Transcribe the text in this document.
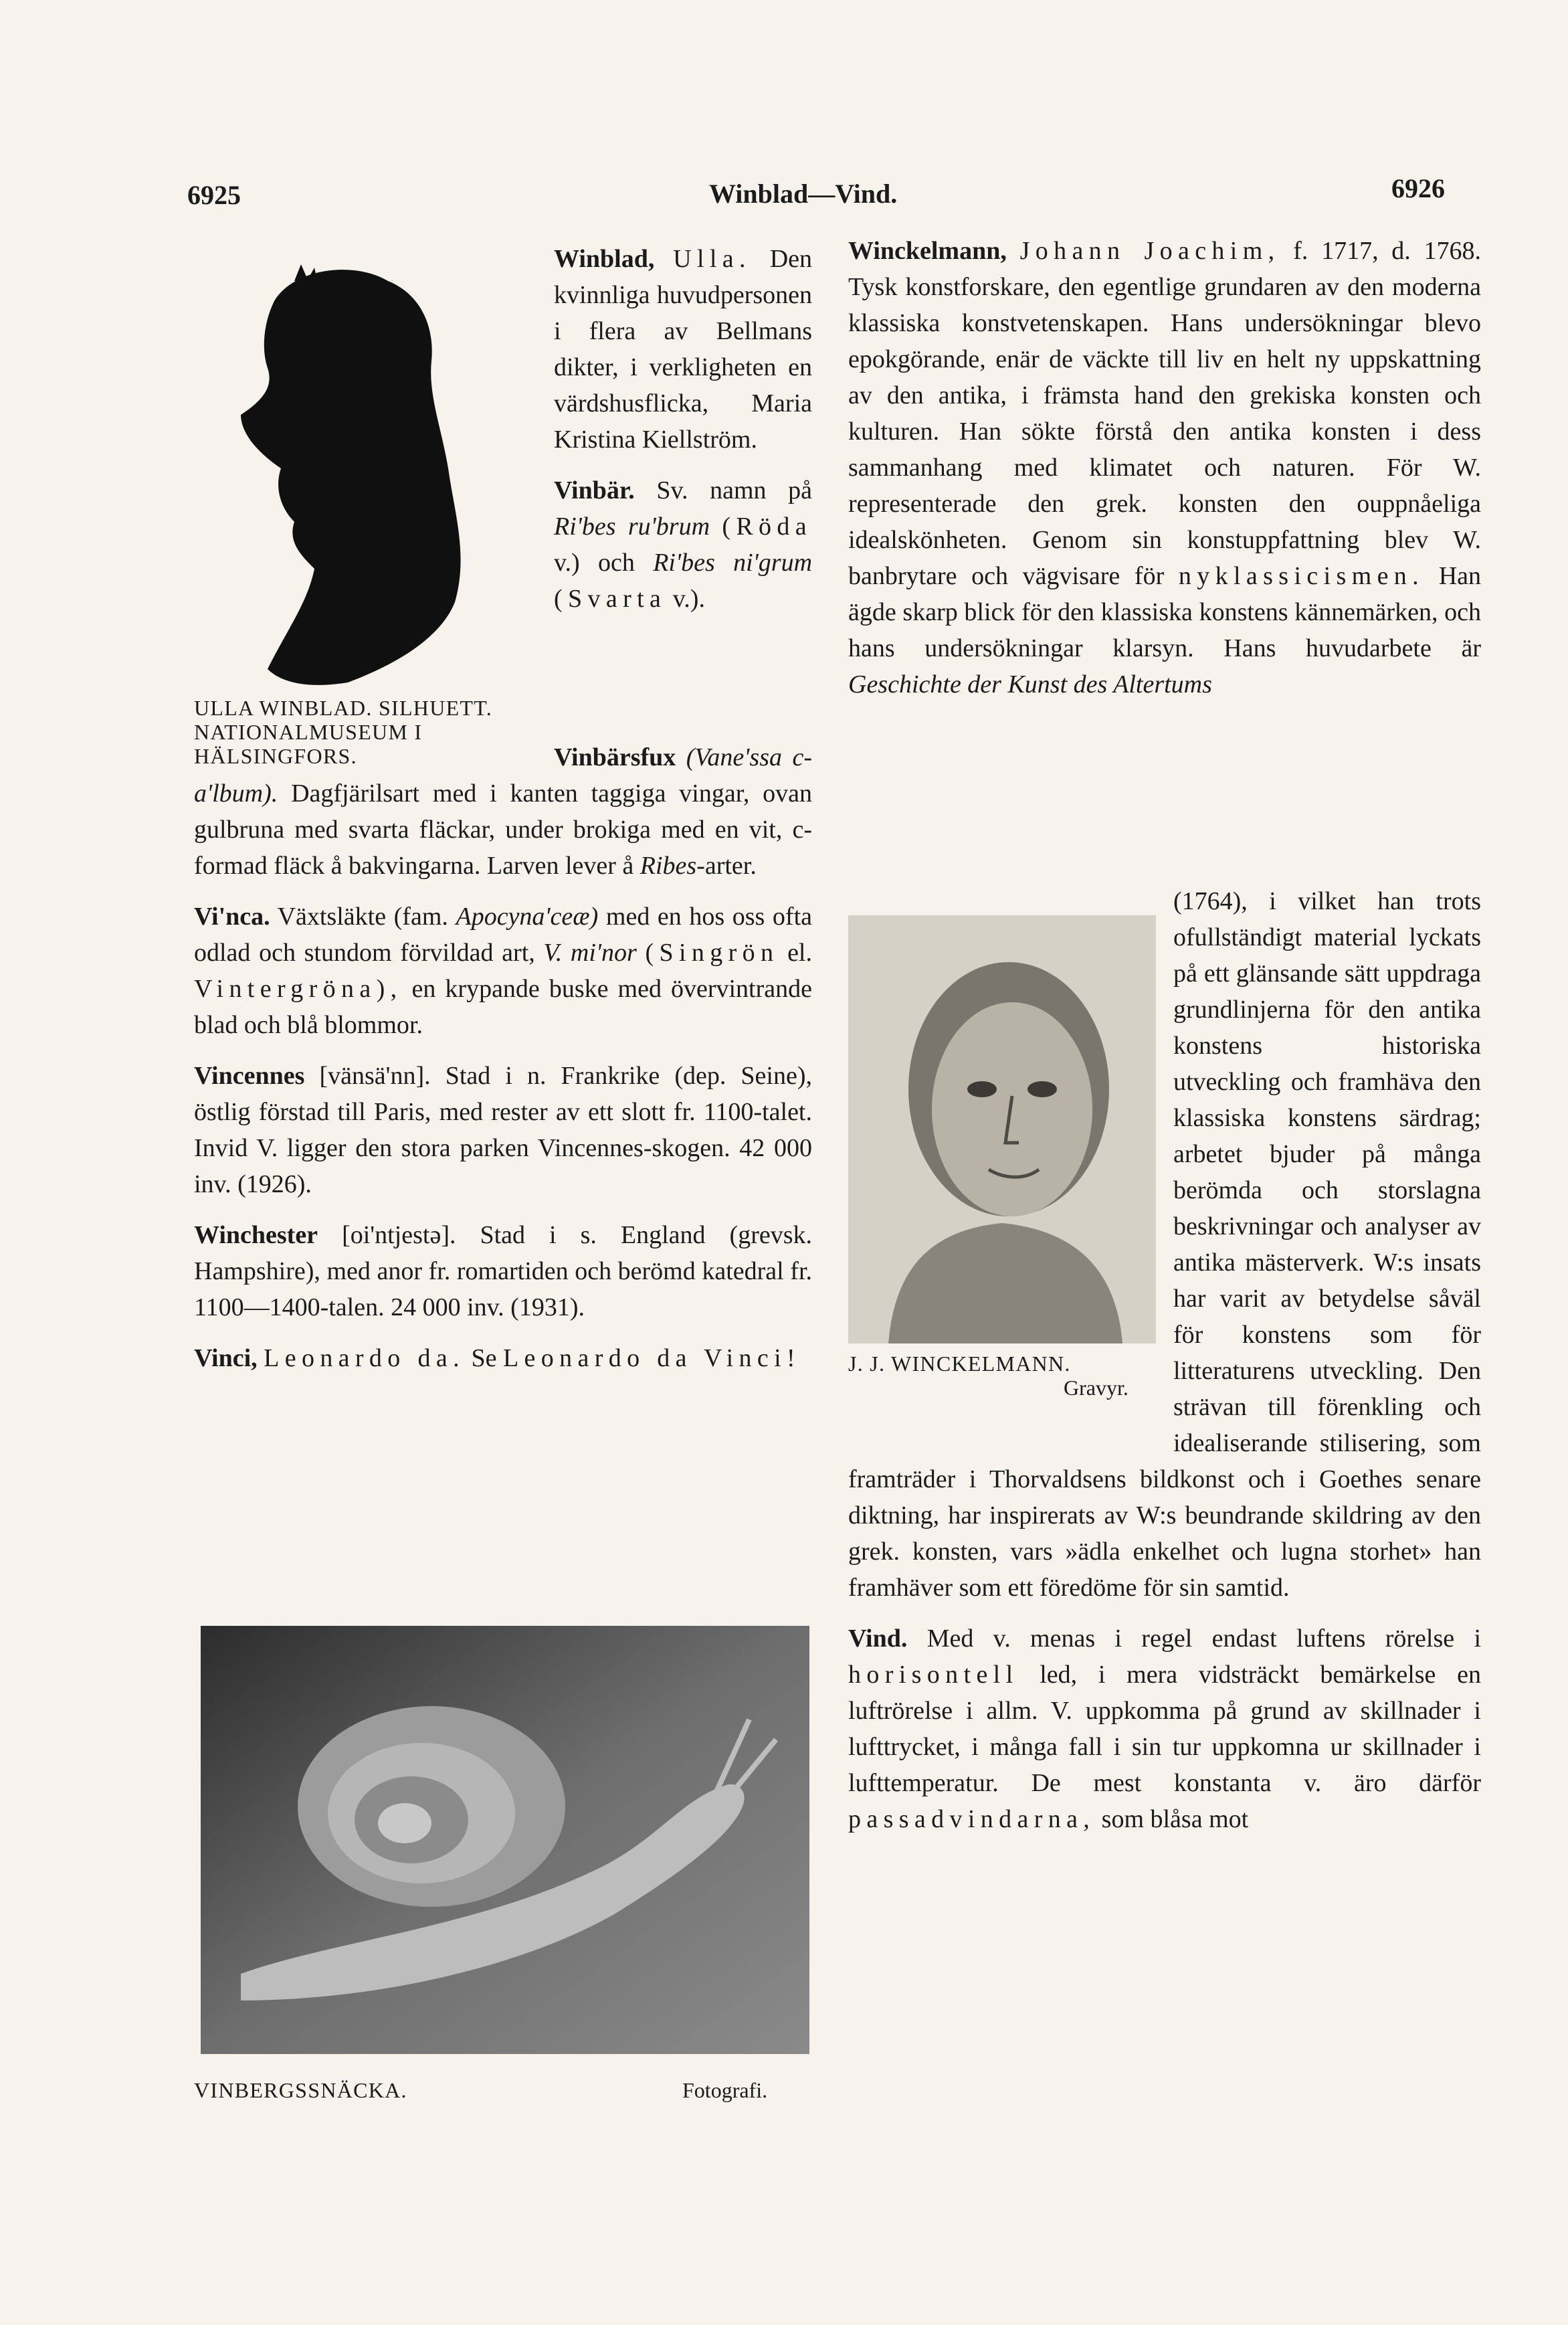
6925	Winblad—Vind.	6926
ULLA WINBLAD. SILHUETT. NATIONALMUSEUM I HÄLSINGFORS.

Winblad, Ulla. Den kvinnliga huvudpersonen i flera av Bellmans dikter, i verkligheten en värdshusflicka, Maria Kristina Kiellström.

Vinbär. Sv. namn på Ri'bes ru'brum (Röda v.) och Ri'bes ni'grum (Svarta v.).

Vinbärsfux (Vane'ssa c-a'lbum). Dagfjärilsart med i kanten taggiga vingar, ovan gulbruna med svarta fläckar, under brokiga med en vit, c-formad fläck å bakvingarna. Larven lever å Ribes-arter.

Vi'nca. Växtsläkte (fam. Apocyna'ceæ) med en hos oss ofta odlad och stundom förvildad art, V. mi'nor (Singrön el. Vintergröna), en krypande buske med övervintrande blad och blå blommor.

Vincennes [vänsä'nn]. Stad i n. Frankrike (dep. Seine), östlig förstad till Paris, med rester av ett slott fr. 1100-talet. Invid V. ligger den stora parken Vincennes-skogen. 42 000 inv. (1926).

Winchester [oi'ntjestə]. Stad i s. England (grevsk. Hampshire), med anor fr. romartiden och berömd katedral fr. 1100—1400-talen. 24 000 inv. (1931).

Vinci, Leonardo da. Se Leonardo da Vinci!

VINBERGSSNÄCKA.	Fotografi.

Winckelmann, Johann Joachim, f. 1717, d. 1768. Tysk konstforskare, den egentlige grundaren av den moderna klassiska konstvetenskapen. Hans undersökningar blevo epokgörande, enär de väckte till liv en helt ny uppskattning av den antika, i främsta hand den grekiska konsten och kulturen. Han sökte förstå den antika konsten i dess sammanhang med klimatet och naturen. För W. representerade den grek. konsten den ouppnåeliga idealskönheten. Genom sin konstuppfattning blev W. banbrytare och vägvisare för nyklassicismen. Han ägde skarp blick för den klassiska konstens kännemärken, och hans undersökningar klarsyn. Hans huvudarbete är Geschichte der Kunst des Altertums

J. J. WINCKELMANN.
Gravyr.

(1764), i vilket han trots ofullständigt material lyckats på ett glänsande sätt uppdraga grundlinjerna för den antika konstens historiska utveckling och framhäva den klassiska konstens särdrag; arbetet bjuder på många berömda och storslagna beskrivningar och analyser av antika mästerverk. W:s insats har varit av betydelse såväl för konstens som för litteraturens utveckling. Den strävan till förenkling och idealiserande stilisering, som framträder i Thorvaldsens bildkonst och i Goethes senare diktning, har inspirerats av W:s beundrande skildring av den grek. konsten, vars »ädla enkelhet och lugna storhet» han framhäver som ett föredöme för sin samtid.

Vind. Med v. menas i regel endast luftens rörelse i horisontell led, i mera vidsträckt bemärkelse en luftrörelse i allm. V. uppkomma på grund av skillnader i lufttrycket, i många fall i sin tur uppkomna ur skillnader i lufttemperatur. De mest konstanta v. äro därför passadvindarna, som blåsa mot
